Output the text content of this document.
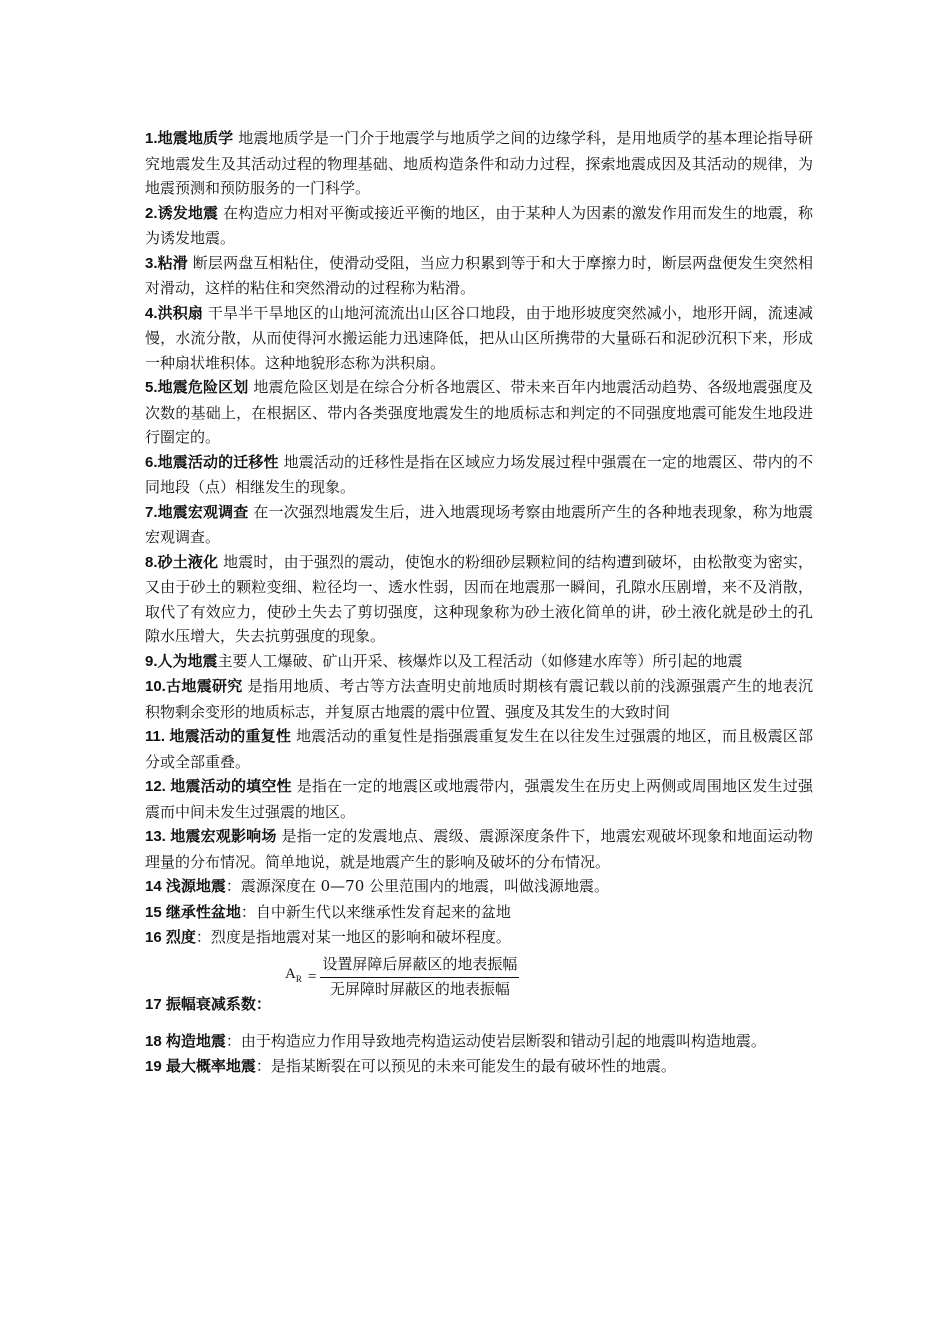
1.地震地质学 地震地质学是一门介于地震学与地质学之间的边缘学科，是用地质学的基本理论指导研究地震发生及其活动过程的物理基础、地质构造条件和动力过程，探索地震成因及其活动的规律，为地震预测和预防服务的一门科学。

2.诱发地震 在构造应力相对平衡或接近平衡的地区，由于某种人为因素的激发作用而发生的地震，称为诱发地震。

3.粘滑 断层两盘互相粘住，使滑动受阻，当应力积累到等于和大于摩擦力时，断层两盘便发生突然相对滑动，这样的粘住和突然滑动的过程称为粘滑。

4.洪积扇 干旱半干旱地区的山地河流流出山区谷口地段，由于地形坡度突然减小，地形开阔，流速减慢，水流分散，从而使得河水搬运能力迅速降低，把从山区所携带的大量砾石和泥砂沉积下来，形成一种扇状堆积体。这种地貌形态称为洪积扇。

5.地震危险区划 地震危险区划是在综合分析各地震区、带未来百年内地震活动趋势、各级地震强度及次数的基础上，在根据区、带内各类强度地震发生的地质标志和判定的不同强度地震可能发生地段进行圈定的。

6.地震活动的迁移性 地震活动的迁移性是指在区域应力场发展过程中强震在一定的地震区、带内的不同地段（点）相继发生的现象。

7.地震宏观调查 在一次强烈地震发生后，进入地震现场考察由地震所产生的各种地表现象，称为地震宏观调查。

8.砂土液化 地震时，由于强烈的震动，使饱水的粉细砂层颗粒间的结构遭到破坏，由松散变为密实，又由于砂土的颗粒变细、粒径均一、透水性弱，因而在地震那一瞬间，孔隙水压剧增，来不及消散，取代了有效应力，使砂土失去了剪切强度，这种现象称为砂土液化简单的讲，砂土液化就是砂土的孔隙水压增大，失去抗剪强度的现象。

9.人为地震主要人工爆破、矿山开采、核爆炸以及工程活动（如修建水库等）所引起的地震

10.古地震研究 是指用地质、考古等方法查明史前地质时期核有震记载以前的浅源强震产生的地表沉积物剩余变形的地质标志，并复原古地震的震中位置、强度及其发生的大致时间

11. 地震活动的重复性 地震活动的重复性是指强震重复发生在以往发生过强震的地区，而且极震区部分或全部重叠。

12. 地震活动的填空性 是指在一定的地震区或地震带内，强震发生在历史上两侧或周围地区发生过强震而中间未发生过强震的地区。

13. 地震宏观影响场 是指一定的发震地点、震级、震源深度条件下，地震宏观破坏现象和地面运动物理量的分布情况。简单地说，就是地震产生的影响及破坏的分布情况。

14 浅源地震：震源深度在 0—70 公里范围内的地震，叫做浅源地震。

15 继承性盆地：自中新生代以来继承性发育起来的盆地

16 烈度：烈度是指地震对某一地区的影响和破坏程度。

17 振幅衰减系数：
$A_R = \frac{\text{设置屏障后屏蔽区的地表振幅}}{\text{无屏障时屏蔽区的地表振幅}}$

18 构造地震：由于构造应力作用导致地壳构造运动使岩层断裂和错动引起的地震叫构造地震。

19 最大概率地震：是指某断裂在可以预见的未来可能发生的最有破坏性的地震。
